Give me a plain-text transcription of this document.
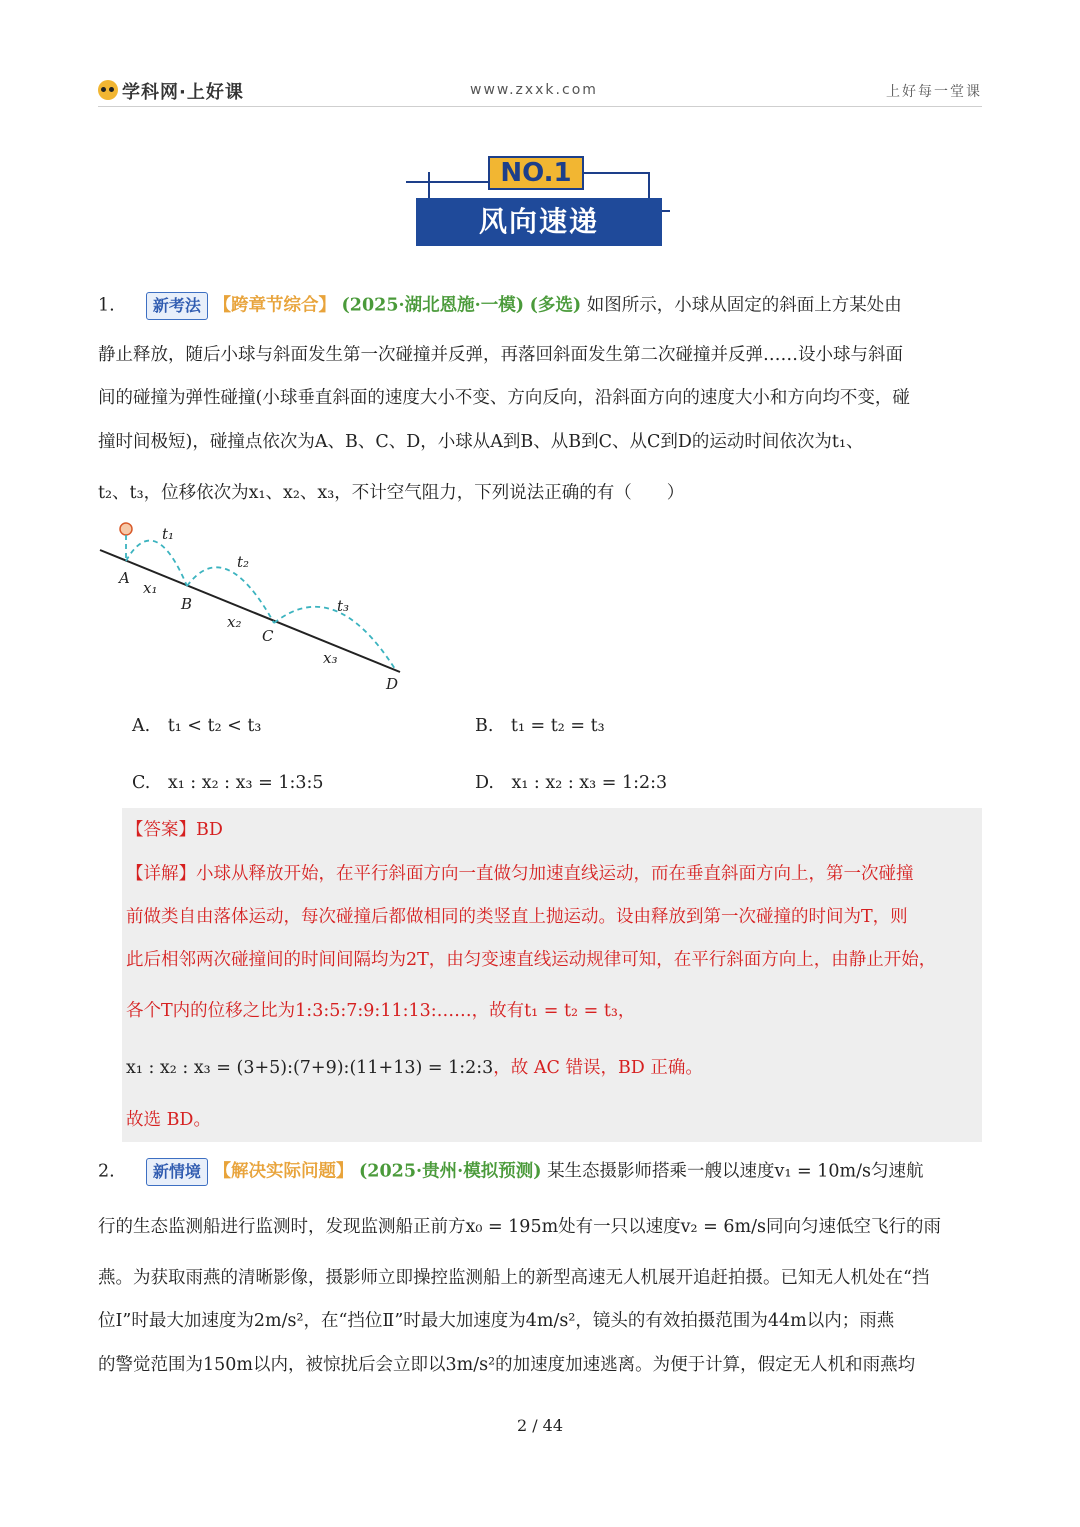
学科网·上好课	www.zxxk.com	上好每一堂课
风向速递
NO.1
1. 新考法 【跨章节综合】 (2025·湖北恩施·一模) (多选) 如图所示，小球从固定的斜面上方某处由
静止释放，随后小球与斜面发生第一次碰撞并反弹，再落回斜面发生第二次碰撞并反弹……设小球与斜面
间的碰撞为弹性碰撞(小球垂直斜面的速度大小不变、方向反向，沿斜面方向的速度大小和方向均不变，碰
撞时间极短)，碰撞点依次为A、B、C、D，小球从A到B、从B到C、从C到D的运动时间依次为t₁、
t₂、t₃，位移依次为x₁、x₂、x₃，不计空气阻力，下列说法正确的有（　　）
A
B
C
D
t₁
t₂
t₃
x₁
x₂
x₃
A.　t₁ < t₂ < t₃	B.　t₁ = t₂ = t₃
C.　x₁ : x₂ : x₃ = 1:3:5	D.　x₁ : x₂ : x₃ = 1:2:3
【答案】BD
【详解】小球从释放开始，在平行斜面方向一直做匀加速直线运动，而在垂直斜面方向上，第一次碰撞
前做类自由落体运动，每次碰撞后都做相同的类竖直上抛运动。设由释放到第一次碰撞的时间为T，则
此后相邻两次碰撞间的时间间隔均为2T，由匀变速直线运动规律可知，在平行斜面方向上，由静止开始，
各个T内的位移之比为1:3:5:7:9:11:13:……，故有t₁ = t₂ = t₃，
x₁ : x₂ : x₃ = (3+5):(7+9):(11+13) = 1:2:3，故 AC 错误，BD 正确。
故选 BD。
2. 新情境 【解决实际问题】 (2025·贵州·模拟预测) 某生态摄影师搭乘一艘以速度v₁ = 10m/s匀速航
行的生态监测船进行监测时，发现监测船正前方x₀ = 195m处有一只以速度v₂ = 6m/s同向匀速低空飞行的雨
燕。为获取雨燕的清晰影像，摄影师立即操控监测船上的新型高速无人机展开追赶拍摄。已知无人机处在“挡
位Ⅰ”时最大加速度为2m/s²，在“挡位Ⅱ”时最大加速度为4m/s²，镜头的有效拍摄范围为44m以内；雨燕
的警觉范围为150m以内，被惊扰后会立即以3m/s²的加速度加速逃离。为便于计算，假定无人机和雨燕均
2 / 44
